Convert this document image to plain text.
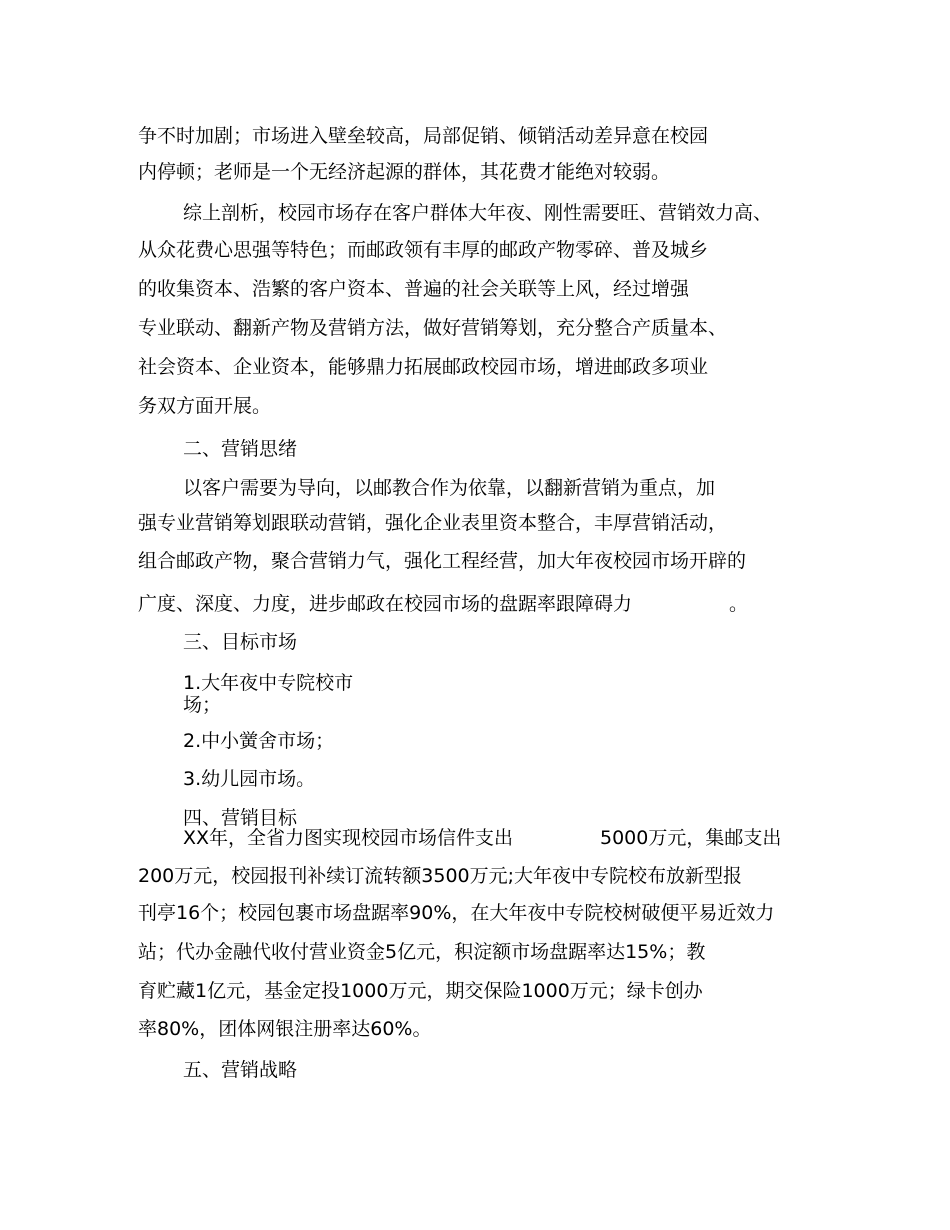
争不时加剧；市场进入壁垒较高，局部促销、倾销活动差异意在校园
内停顿；老师是一个无经济起源的群体，其花费才能绝对较弱。
综上剖析，校园市场存在客户群体大年夜、刚性需要旺、营销效力高、
从众花费心思强等特色；而邮政领有丰厚的邮政产物零碎、普及城乡
的收集资本、浩繁的客户资本、普遍的社会关联等上风，经过增强
专业联动、翻新产物及营销方法，做好营销筹划，充分整合产质量本、
社会资本、企业资本，能够鼎力拓展邮政校园市场，增进邮政多项业
务双方面开展。
二、营销思绪
以客户需要为导向，以邮教合作为依靠，以翻新营销为重点，加
强专业营销筹划跟联动营销，强化企业表里资本整合，丰厚营销活动，
组合邮政产物，聚合营销力气，强化工程经营，加大年夜校园市场开辟的
广度、深度、力度，进步邮政在校园市场的盘踞率跟障碍力	。
三、目标市场
1.大年夜中专院校市
场；
2.中小黉舍市场；
3.幼儿园市场。
四、营销目标
XX年，全省力图实现校园市场信件支出	5000万元，集邮支出
200万元，校园报刊补续订流转额3500万元;大年夜中专院校布放新型报
刊亭16个；校园包裹市场盘踞率90%，在大年夜中专院校树破便平易近效力
站；代办金融代收付营业资金5亿元，积淀额市场盘踞率达15%；教
育贮藏1亿元，基金定投1000万元，期交保险1000万元；绿卡创办
率80%，团体网银注册率达60%。
五、营销战略
